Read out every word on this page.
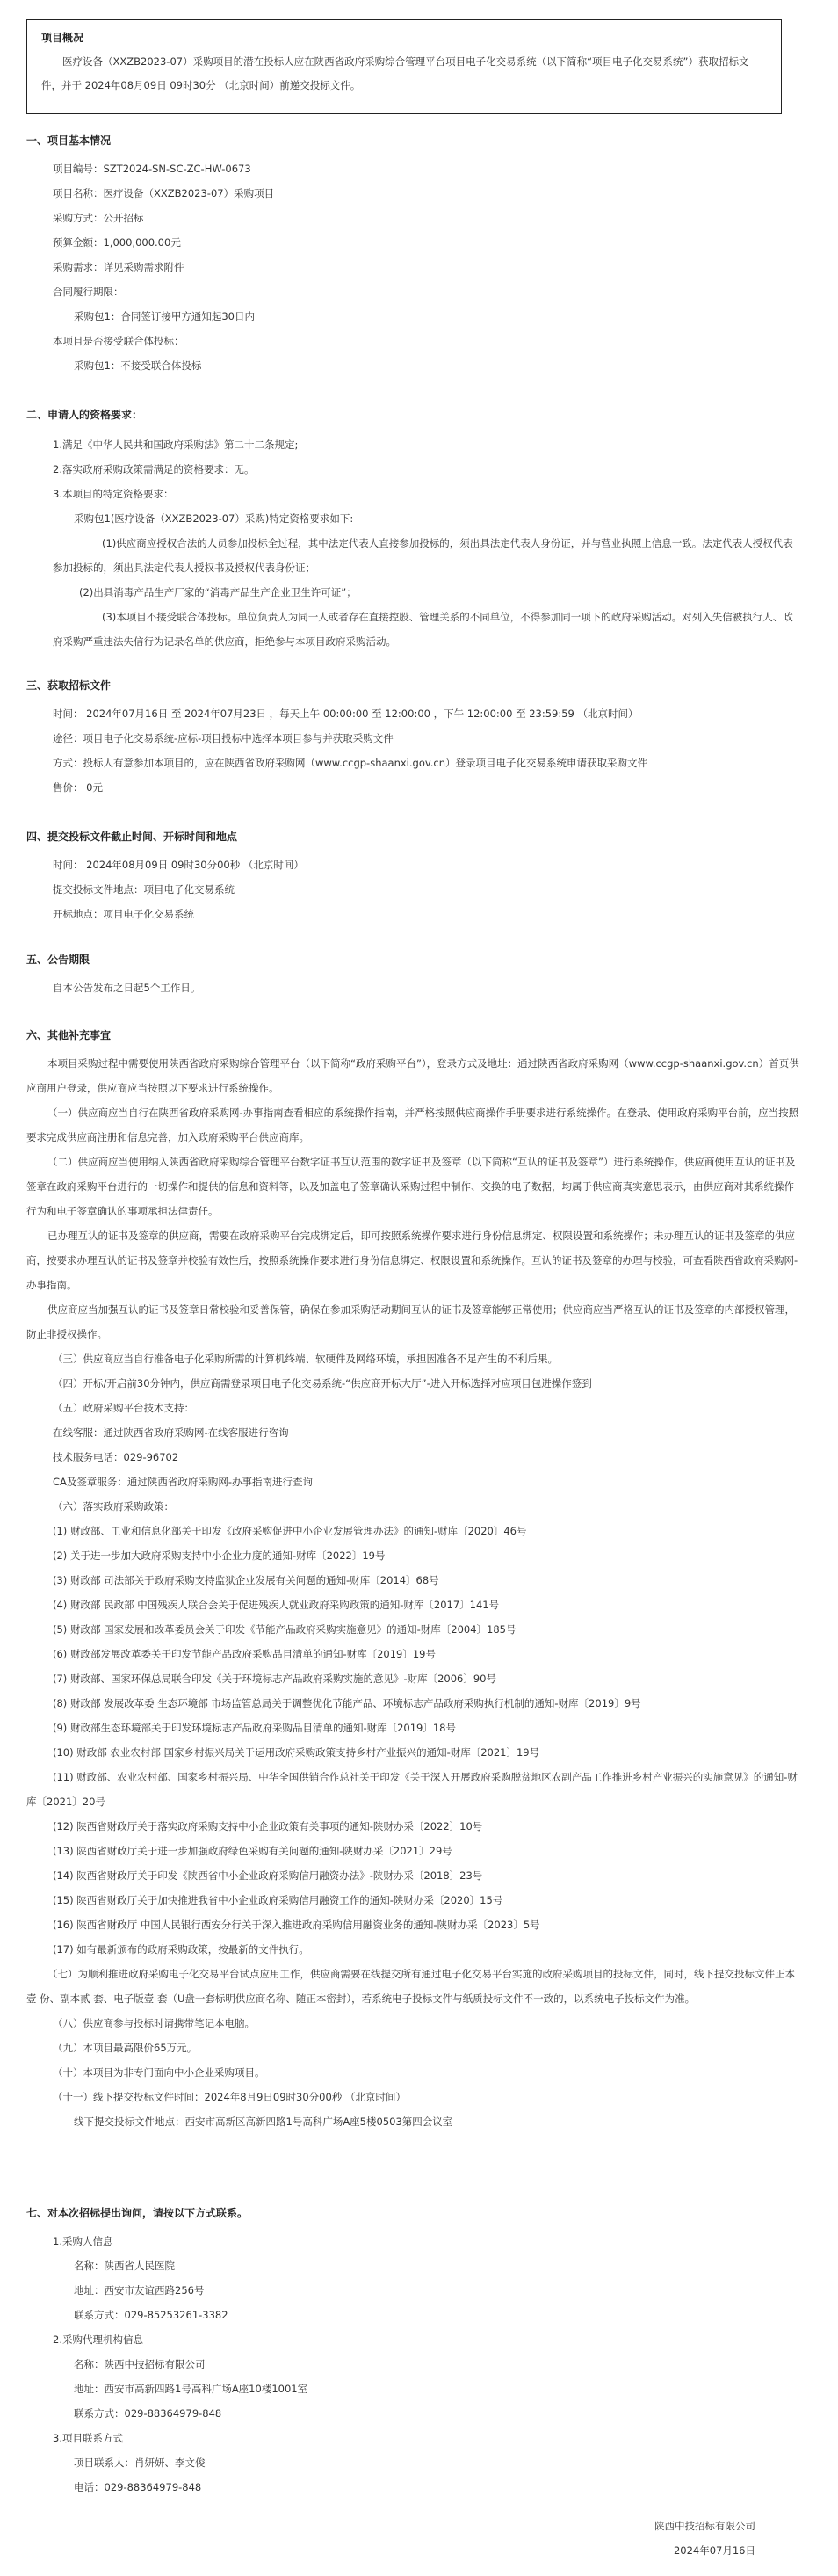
项目概况
医疗设备（XXZB2023-07）采购项目的潜在投标人应在陕西省政府采购综合管理平台项目电子化交易系统（以下简称“项目电子化交易系统”）获取招标文件，并于 2024年08月09日 09时30分 （北京时间）前递交投标文件。
一、项目基本情况
项目编号：SZT2024-SN-SC-ZC-HW-0673
项目名称：医疗设备（XXZB2023-07）采购项目
采购方式：公开招标
预算金额：1,000,000.00元
采购需求：详见采购需求附件
合同履行期限：
采购包1：合同签订接甲方通知起30日内
本项目是否接受联合体投标：
采购包1：不接受联合体投标
二、申请人的资格要求：
1.满足《中华人民共和国政府采购法》第二十二条规定;
2.落实政府采购政策需满足的资格要求：无。
3.本项目的特定资格要求：
采购包1(医疗设备（XXZB2023-07）采购)特定资格要求如下:
(1)供应商应授权合法的人员参加投标全过程，其中法定代表人直接参加投标的，须出具法定代表人身份证，并与营业执照上信息一致。法定代表人授权代表参加投标的，须出具法定代表人授权书及授权代表身份证；
(2)出具消毒产品生产厂家的“消毒产品生产企业卫生许可证”；
(3)本项目不接受联合体投标。单位负责人为同一人或者存在直接控股、管理关系的不同单位，不得参加同一项下的政府采购活动。对列入失信被执行人、政府采购严重违法失信行为记录名单的供应商，拒绝参与本项目政府采购活动。
三、获取招标文件
时间： 2024年07月16日 至 2024年07月23日 ，每天上午 00:00:00 至 12:00:00 ，下午 12:00:00 至 23:59:59 （北京时间）
途径：项目电子化交易系统-应标-项目投标中选择本项目参与并获取采购文件
方式：投标人有意参加本项目的，应在陕西省政府采购网（www.ccgp-shaanxi.gov.cn）登录项目电子化交易系统申请获取采购文件
售价： 0元
四、提交投标文件截止时间、开标时间和地点
时间： 2024年08月09日 09时30分00秒 （北京时间）
提交投标文件地点：项目电子化交易系统
开标地点：项目电子化交易系统
五、公告期限
自本公告发布之日起5个工作日。
六、其他补充事宜
本项目采购过程中需要使用陕西省政府采购综合管理平台（以下简称“政府采购平台”），登录方式及地址：通过陕西省政府采购网（www.ccgp-shaanxi.gov.cn）首页供应商用户登录，供应商应当按照以下要求进行系统操作。
（一）供应商应当自行在陕西省政府采购网-办事指南查看相应的系统操作指南，并严格按照供应商操作手册要求进行系统操作。在登录、使用政府采购平台前，应当按照要求完成供应商注册和信息完善，加入政府采购平台供应商库。
（二）供应商应当使用纳入陕西省政府采购综合管理平台数字证书互认范围的数字证书及签章（以下简称“互认的证书及签章”）进行系统操作。供应商使用互认的证书及签章在政府采购平台进行的一切操作和提供的信息和资料等，以及加盖电子签章确认采购过程中制作、交换的电子数据，均属于供应商真实意思表示，由供应商对其系统操作行为和电子签章确认的事项承担法律责任。
已办理互认的证书及签章的供应商，需要在政府采购平台完成绑定后，即可按照系统操作要求进行身份信息绑定、权限设置和系统操作；未办理互认的证书及签章的供应商，按要求办理互认的证书及签章并校验有效性后，按照系统操作要求进行身份信息绑定、权限设置和系统操作。互认的证书及签章的办理与校验，可查看陕西省政府采购网-办事指南。
供应商应当加强互认的证书及签章日常校验和妥善保管，确保在参加采购活动期间互认的证书及签章能够正常使用；供应商应当严格互认的证书及签章的内部授权管理，防止非授权操作。
（三）供应商应当自行准备电子化采购所需的计算机终端、软硬件及网络环境，承担因准备不足产生的不利后果。
（四）开标/开启前30分钟内，供应商需登录项目电子化交易系统-“供应商开标大厅”-进入开标选择对应项目包进操作签到
（五）政府采购平台技术支持：
在线客服：通过陕西省政府采购网-在线客服进行咨询
技术服务电话：029-96702
CA及签章服务：通过陕西省政府采购网-办事指南进行查询
（六）落实政府采购政策：
(1) 财政部、工业和信息化部关于印发《政府采购促进中小企业发展管理办法》的通知-财库〔2020〕46号
(2) 关于进一步加大政府采购支持中小企业力度的通知-财库〔2022〕19号
(3) 财政部 司法部关于政府采购支持监狱企业发展有关问题的通知-财库〔2014〕68号
(4) 财政部 民政部 中国残疾人联合会关于促进残疾人就业政府采购政策的通知-财库〔2017〕141号
(5) 财政部 国家发展和改革委员会关于印发《节能产品政府采购实施意见》的通知-财库〔2004〕185号
(6) 财政部发展改革委关于印发节能产品政府采购品目清单的通知-财库〔2019〕19号
(7) 财政部、国家环保总局联合印发《关于环境标志产品政府采购实施的意见》-财库〔2006〕90号
(8) 财政部 发展改革委 生态环境部 市场监管总局关于调整优化节能产品、环境标志产品政府采购执行机制的通知-财库〔2019〕9号
(9) 财政部生态环境部关于印发环境标志产品政府采购品目清单的通知-财库〔2019〕18号
(10) 财政部 农业农村部 国家乡村振兴局关于运用政府采购政策支持乡村产业振兴的通知-财库〔2021〕19号
(11) 财政部、农业农村部、国家乡村振兴局、中华全国供销合作总社关于印发《关于深入开展政府采购脱贫地区农副产品工作推进乡村产业振兴的实施意见》的通知-财库〔2021〕20号
(12) 陕西省财政厅关于落实政府采购支持中小企业政策有关事项的通知-陕财办采〔2022〕10号
(13) 陕西省财政厅关于进一步加强政府绿色采购有关问题的通知-陕财办采〔2021〕29号
(14) 陕西省财政厅关于印发《陕西省中小企业政府采购信用融资办法》-陕财办采〔2018〕23号
(15) 陕西省财政厅关于加快推进我省中小企业政府采购信用融资工作的通知-陕财办采〔2020〕15号
(16) 陕西省财政厅 中国人民银行西安分行关于深入推进政府采购信用融资业务的通知-陕财办采〔2023〕5号
(17) 如有最新颁布的政府采购政策，按最新的文件执行。
（七）为顺利推进政府采购电子化交易平台试点应用工作，供应商需要在线提交所有通过电子化交易平台实施的政府采购项目的投标文件，同时，线下提交投标文件正本 壹 份、副本贰 套、电子版壹 套（U盘一套标明供应商名称、随正本密封），若系统电子投标文件与纸质投标文件不一致的，以系统电子投标文件为准。
（八）供应商参与投标时请携带笔记本电脑。
（九）本项目最高限价65万元。
（十）本项目为非专门面向中小企业采购项目。
（十一）线下提交投标文件时间：2024年8月9日09时30分00秒 （北京时间）
线下提交投标文件地点：西安市高新区高新四路1号高科广场A座5楼0503第四会议室
七、对本次招标提出询问，请按以下方式联系。
1.采购人信息
名称：陕西省人民医院
地址：西安市友谊西路256号
联系方式：029-85253261-3382
2.采购代理机构信息
名称：陕西中技招标有限公司
地址：西安市高新四路1号高科广场A座10楼1001室
联系方式：029-88364979-848
3.项目联系方式
项目联系人：肖妍妍、李文俊
电话：029-88364979-848
陕西中技招标有限公司
2024年07月16日
